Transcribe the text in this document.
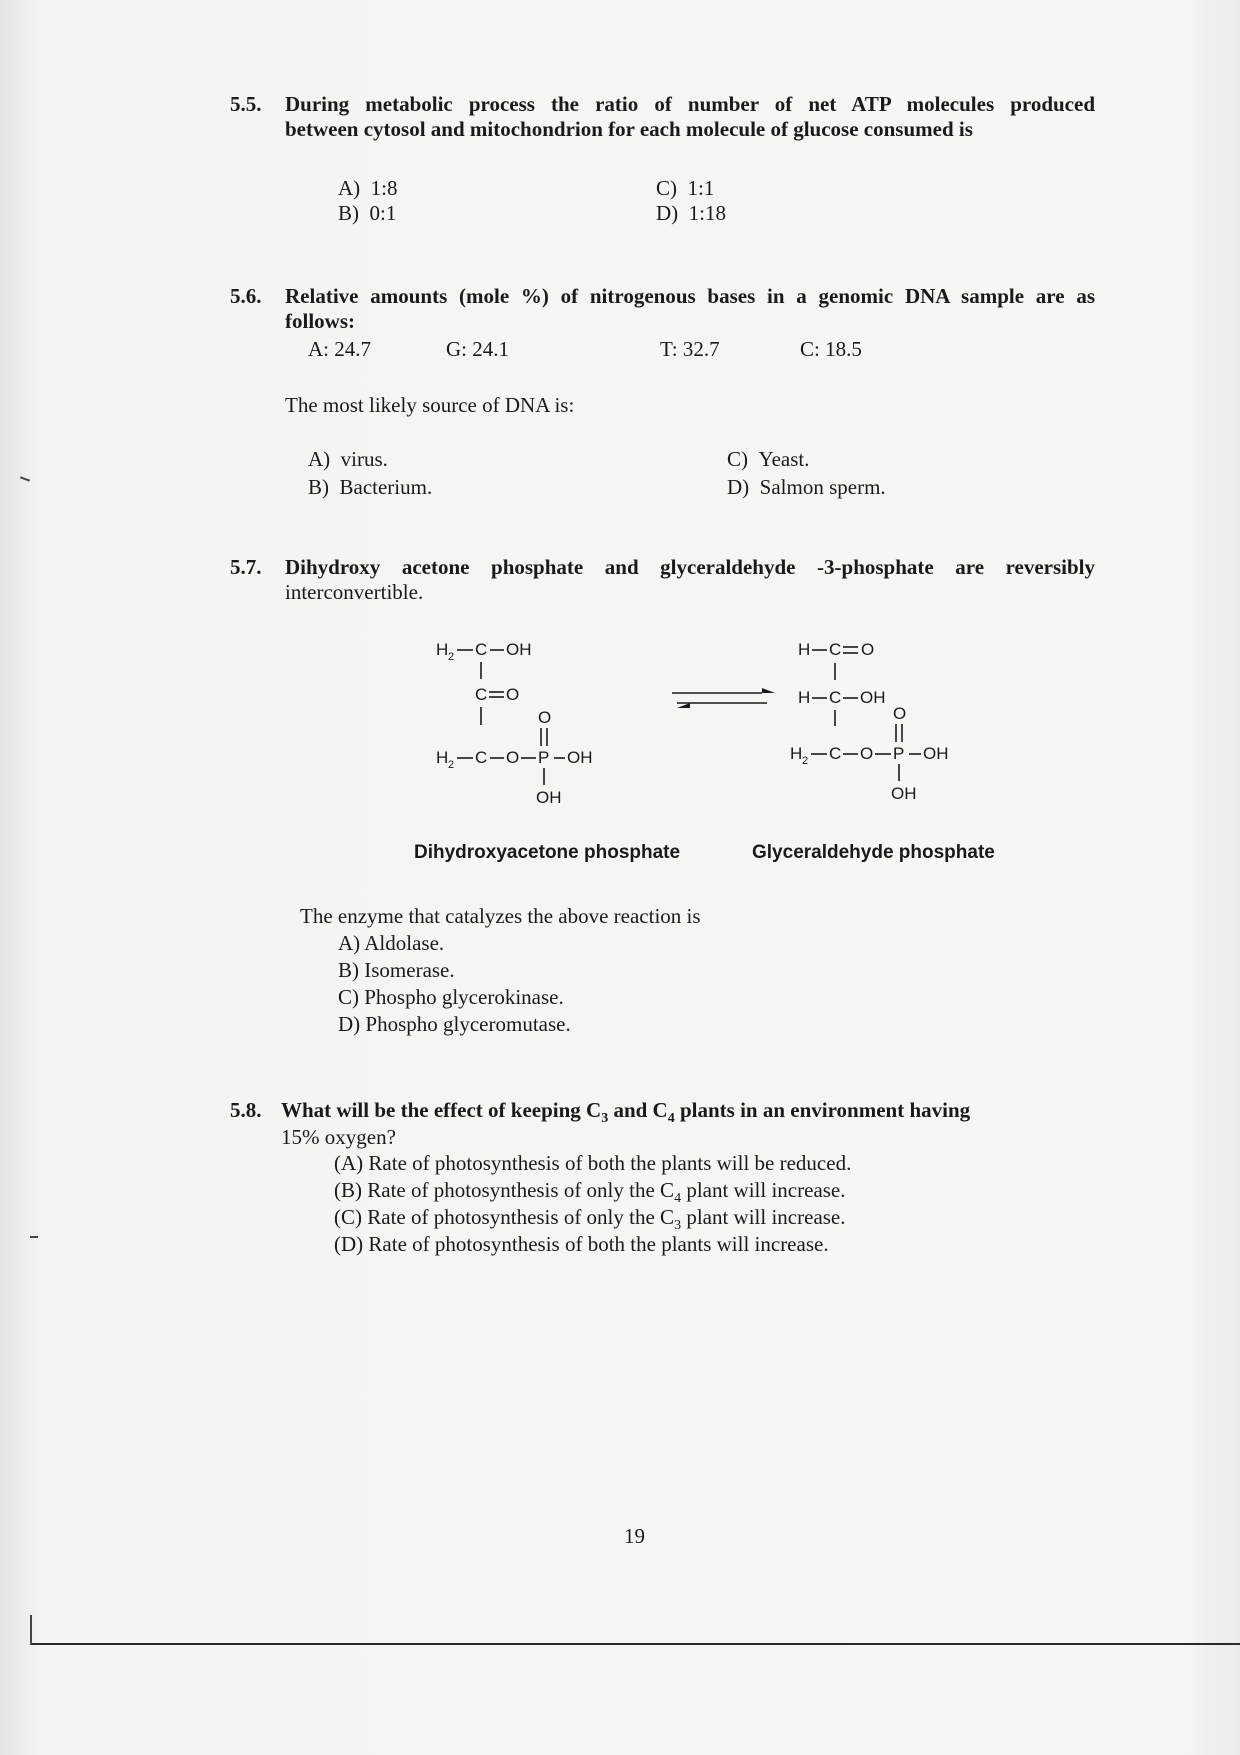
5.5. During metabolic process the ratio of number of net ATP molecules produced
between cytosol and mitochondrion for each molecule of glucose consumed is
A) 1:8
B) 0:1
C) 1:1
D) 1:18
5.6. Relative amounts (mole %) of nitrogenous bases in a genomic DNA sample are as
follows:
A: 24.7	G: 24.1	T: 32.7	C: 18.5
The most likely source of DNA is:
A) virus.
B) Bacterium.
C) Yeast.
D) Salmon sperm.
5.7. Dihydroxy acetone phosphate and glyceraldehyde -3-phosphate are reversibly
interconvertible.
H 2 C OH
C O
H 2 C O P OH
O
OH
H C O
H C OH
H 2 C O P OH
O
OH
Dihydroxyacetone phosphate	Glyceraldehyde phosphate
The enzyme that catalyzes the above reaction is
A) Aldolase.
B) Isomerase.
C) Phospho glycerokinase.
D) Phospho glyceromutase.
5.8. What will be the effect of keeping $C_3$ and $C_4$ plants in an environment having
15% oxygen?
(A) Rate of photosynthesis of both the plants will be reduced.
(B) Rate of photosynthesis of only the $C_4$ plant will increase.
(C) Rate of photosynthesis of only the $C_3$ plant will increase.
(D) Rate of photosynthesis of both the plants will increase.
19
